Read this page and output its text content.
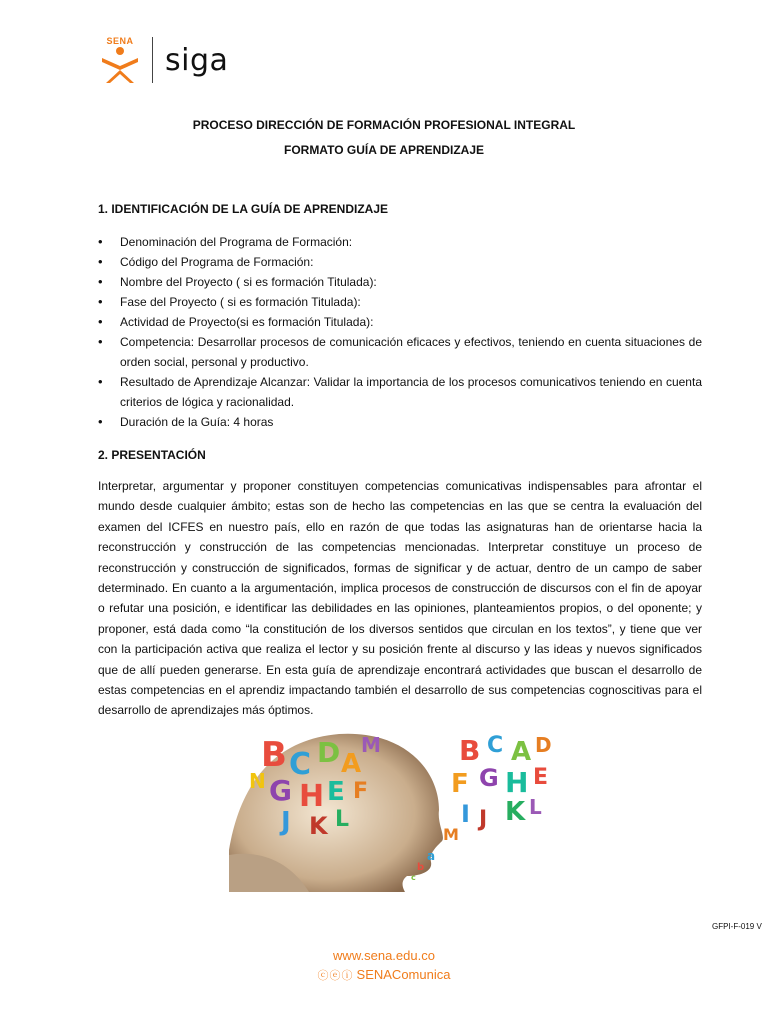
SENA
siga
PROCESO DIRECCIÓN DE FORMACIÓN PROFESIONAL INTEGRAL
FORMATO GUÍA DE APRENDIZAJE
1. IDENTIFICACIÓN DE LA GUÍA DE APRENDIZAJE
• Denominación del Programa de Formación:
• Código del Programa de Formación:
• Nombre del Proyecto ( si es formación Titulada):
• Fase del Proyecto ( si es formación Titulada):
• Actividad de Proyecto(si es formación Titulada):
• Competencia: Desarrollar procesos de comunicación eficaces y efectivos, teniendo en cuenta situaciones de orden social, personal y productivo.
• Resultado de Aprendizaje Alcanzar: Validar la importancia de los procesos comunicativos teniendo en cuenta criterios de lógica y racionalidad.
• Duración de la Guía: 4 horas
2. PRESENTACIÓN

Interpretar, argumentar y proponer constituyen competencias comunicativas indispensables para afrontar el mundo desde cualquier ámbito; estas son de hecho las competencias en las que se centra la evaluación del examen del ICFES en nuestro país, ello en razón de que todas las asignaturas han de orientarse hacia la reconstrucción y construcción de las competencias mencionadas. Interpretar constituye un proceso de reconstrucción y construcción de significados, formas de significar y de actuar, dentro de un campo de saber determinado. En cuanto a la argumentación, implica procesos de construcción de discursos con el fin de apoyar o refutar una posición, e identificar las debilidades en las opiniones, planteamientos propios, o del oponente; y proponer, está dada como “la constitución de los diversos sentidos que circulan en los textos”, y tiene que ver con la participación activa que realiza el lector y su posición frente al discurso y las ideas y nuevos significados que de allí pueden generarse. En esta guía de aprendizaje encontrará actividades que buscan el desarrollo de estas competencias en el aprendiz impactando también el desarrollo de sus competencias cognoscitivas para el desarrollo de aprendizajes más óptimos.

B C D A
G H E F
J K L
M
N
B C A D
F G H E
I J K L
M
a
b
c
GFPI-F-019 V
www.sena.edu.co
ⓒⓔⓘ SENAComunica
